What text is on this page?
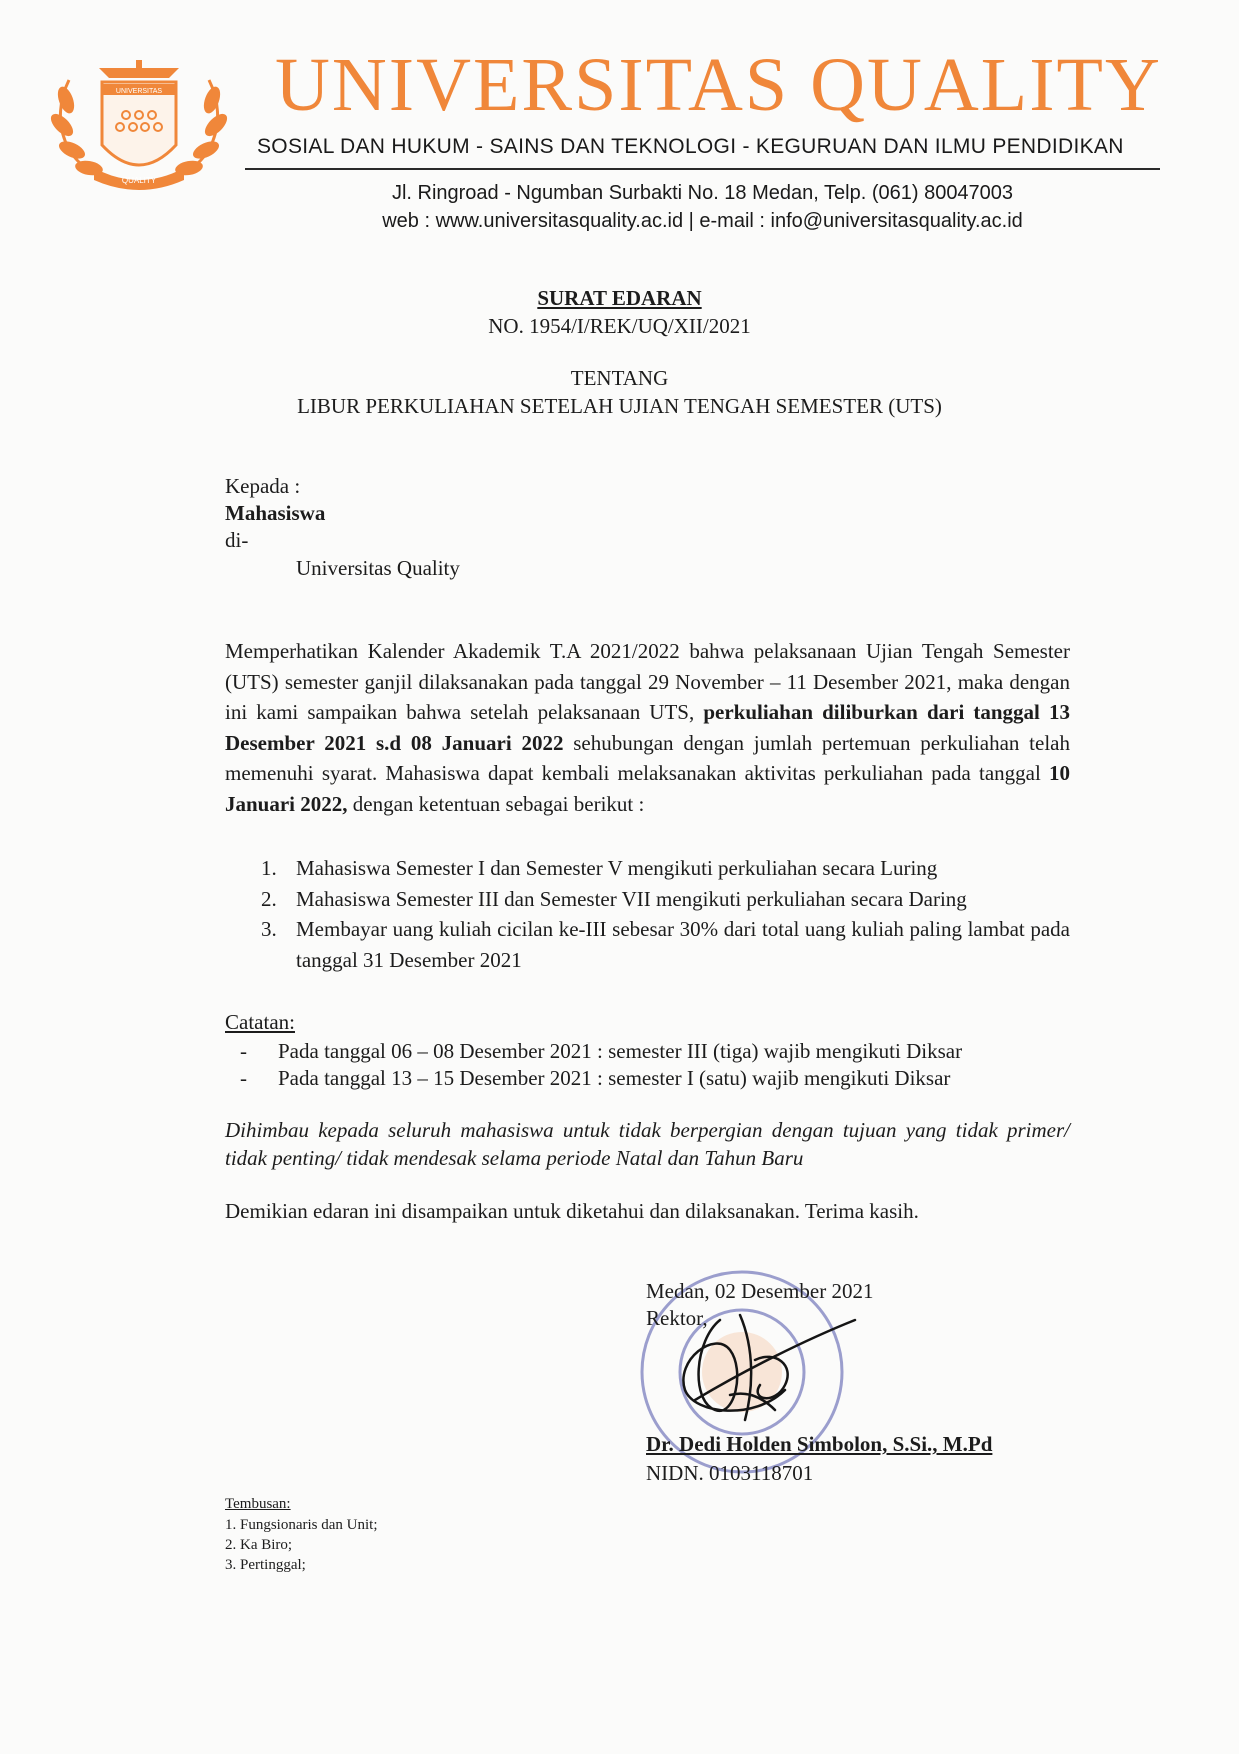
UNIVERSITAS
QUALITY
UNIVERSITAS QUALITY
SOSIAL DAN HUKUM - SAINS DAN TEKNOLOGI - KEGURUAN DAN ILMU PENDIDIKAN
Jl. Ringroad - Ngumban Surbakti No. 18 Medan, Telp. (061) 80047003
web : www.universitasquality.ac.id | e-mail : info@universitasquality.ac.id
SURAT EDARAN
NO. 1954/I/REK/UQ/XII/2021
TENTANG
LIBUR PERKULIAHAN SETELAH UJIAN TENGAH SEMESTER (UTS)
Kepada :
Mahasiswa
di-
Universitas Quality
Memperhatikan Kalender Akademik T.A 2021/2022 bahwa pelaksanaan Ujian Tengah Semester (UTS) semester ganjil dilaksanakan pada tanggal 29 November – 11 Desember 2021, maka dengan ini kami sampaikan bahwa setelah pelaksanaan UTS, perkuliahan diliburkan dari tanggal 13 Desember 2021 s.d 08 Januari 2022 sehubungan dengan jumlah pertemuan perkuliahan telah memenuhi syarat. Mahasiswa dapat kembali melaksanakan aktivitas perkuliahan pada tanggal 10 Januari 2022, dengan ketentuan sebagai berikut :
1. Mahasiswa Semester I dan Semester V mengikuti perkuliahan secara Luring
2. Mahasiswa Semester III dan Semester VII mengikuti perkuliahan secara Daring
3. Membayar uang kuliah cicilan ke-III sebesar 30% dari total uang kuliah paling lambat pada tanggal 31 Desember 2021
Catatan:
- Pada tanggal 06 – 08 Desember 2021 : semester III (tiga) wajib mengikuti Diksar
- Pada tanggal 13 – 15 Desember 2021 : semester I (satu) wajib mengikuti Diksar
Dihimbau kepada seluruh mahasiswa untuk tidak berpergian dengan tujuan yang tidak primer/ tidak penting/ tidak mendesak selama periode Natal dan Tahun Baru
Demikian edaran ini disampaikan untuk diketahui dan dilaksanakan. Terima kasih.
Medan, 02 Desember 2021
Rektor,
Dr. Dedi Holden Simbolon, S.Si., M.Pd
NIDN. 0103118701
Tembusan:
1. Fungsionaris dan Unit;
2. Ka Biro;
3. Pertinggal;
